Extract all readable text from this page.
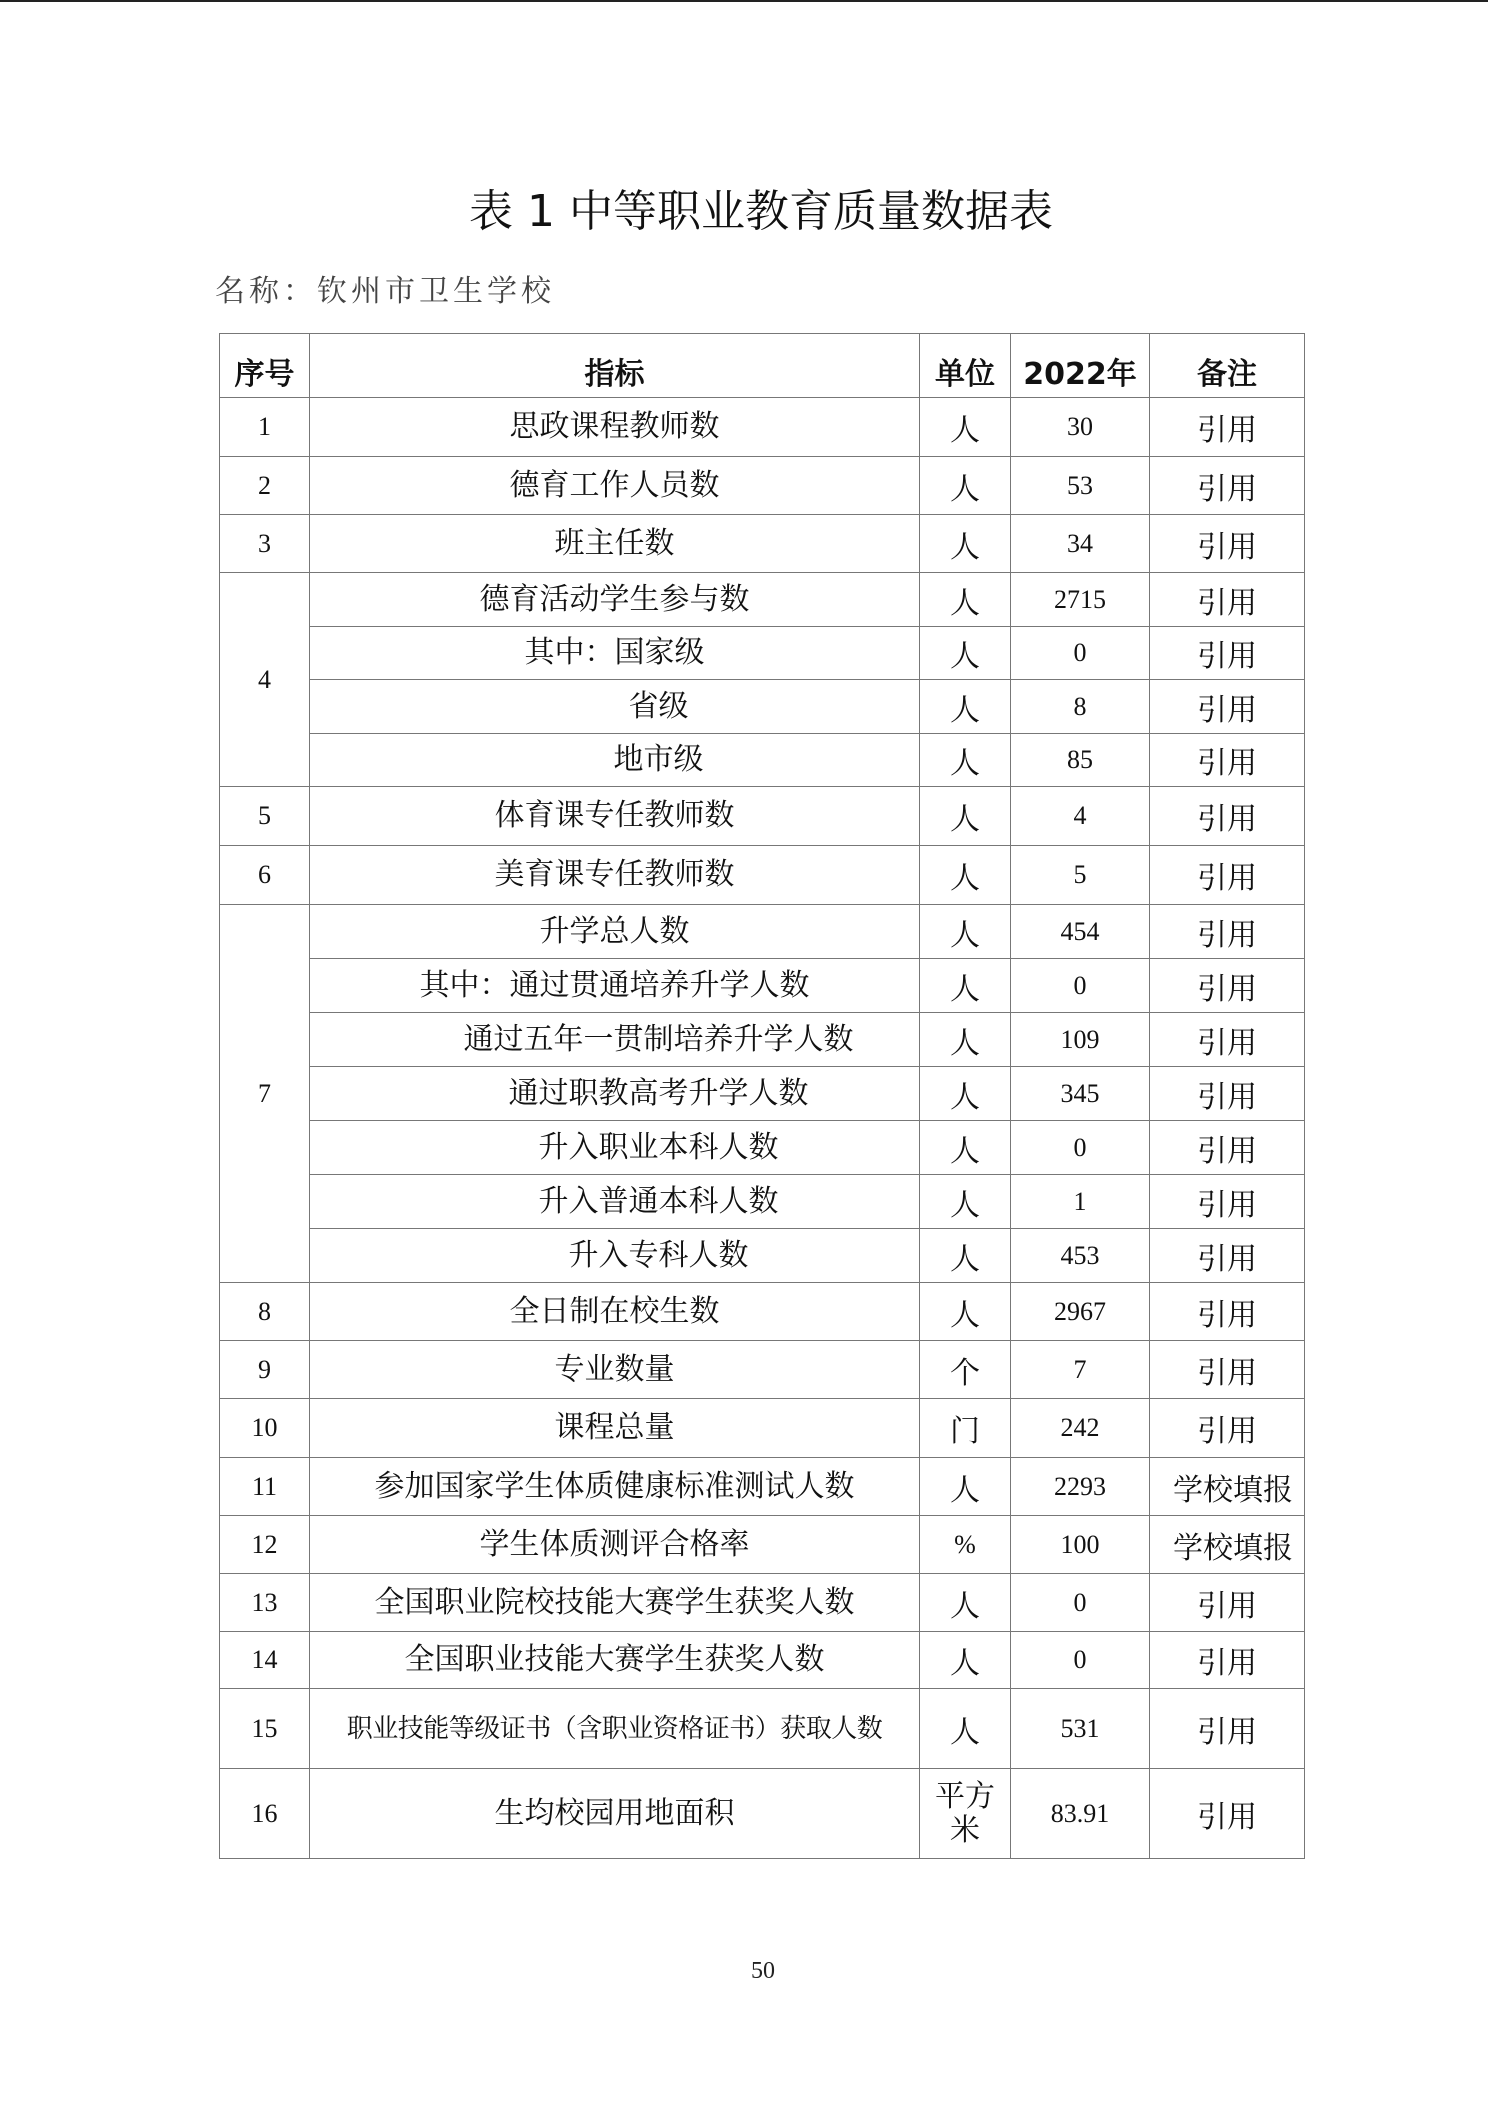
表 1 中等职业教育质量数据表
名称：钦州市卫生学校
序号	指标	单位	2022年	备注
1	思政课程教师数	人	30	引用
2	德育工作人员数	人	53	引用
3	班主任数	人	34	引用
4	德育活动学生参与数	人	2715	引用
	其中：国家级	人	0	引用
	省级	人	8	引用
	地市级	人	85	引用
5	体育课专任教师数	人	4	引用
6	美育课专任教师数	人	5	引用
7	升学总人数	人	454	引用
	其中：通过贯通培养升学人数	人	0	引用
	通过五年一贯制培养升学人数	人	109	引用
	通过职教高考升学人数	人	345	引用
	升入职业本科人数	人	0	引用
	升入普通本科人数	人	1	引用
	升入专科人数	人	453	引用
8	全日制在校生数	人	2967	引用
9	专业数量	个	7	引用
10	课程总量	门	242	引用
11	参加国家学生体质健康标准测试人数	人	2293	学校填报
12	学生体质测评合格率	%	100	学校填报
13	全国职业院校技能大赛学生获奖人数	人	0	引用
14	全国职业技能大赛学生获奖人数	人	0	引用
15	职业技能等级证书（含职业资格证书）获取人数	人	531	引用
16	生均校园用地面积	平方米	83.91	引用
50
